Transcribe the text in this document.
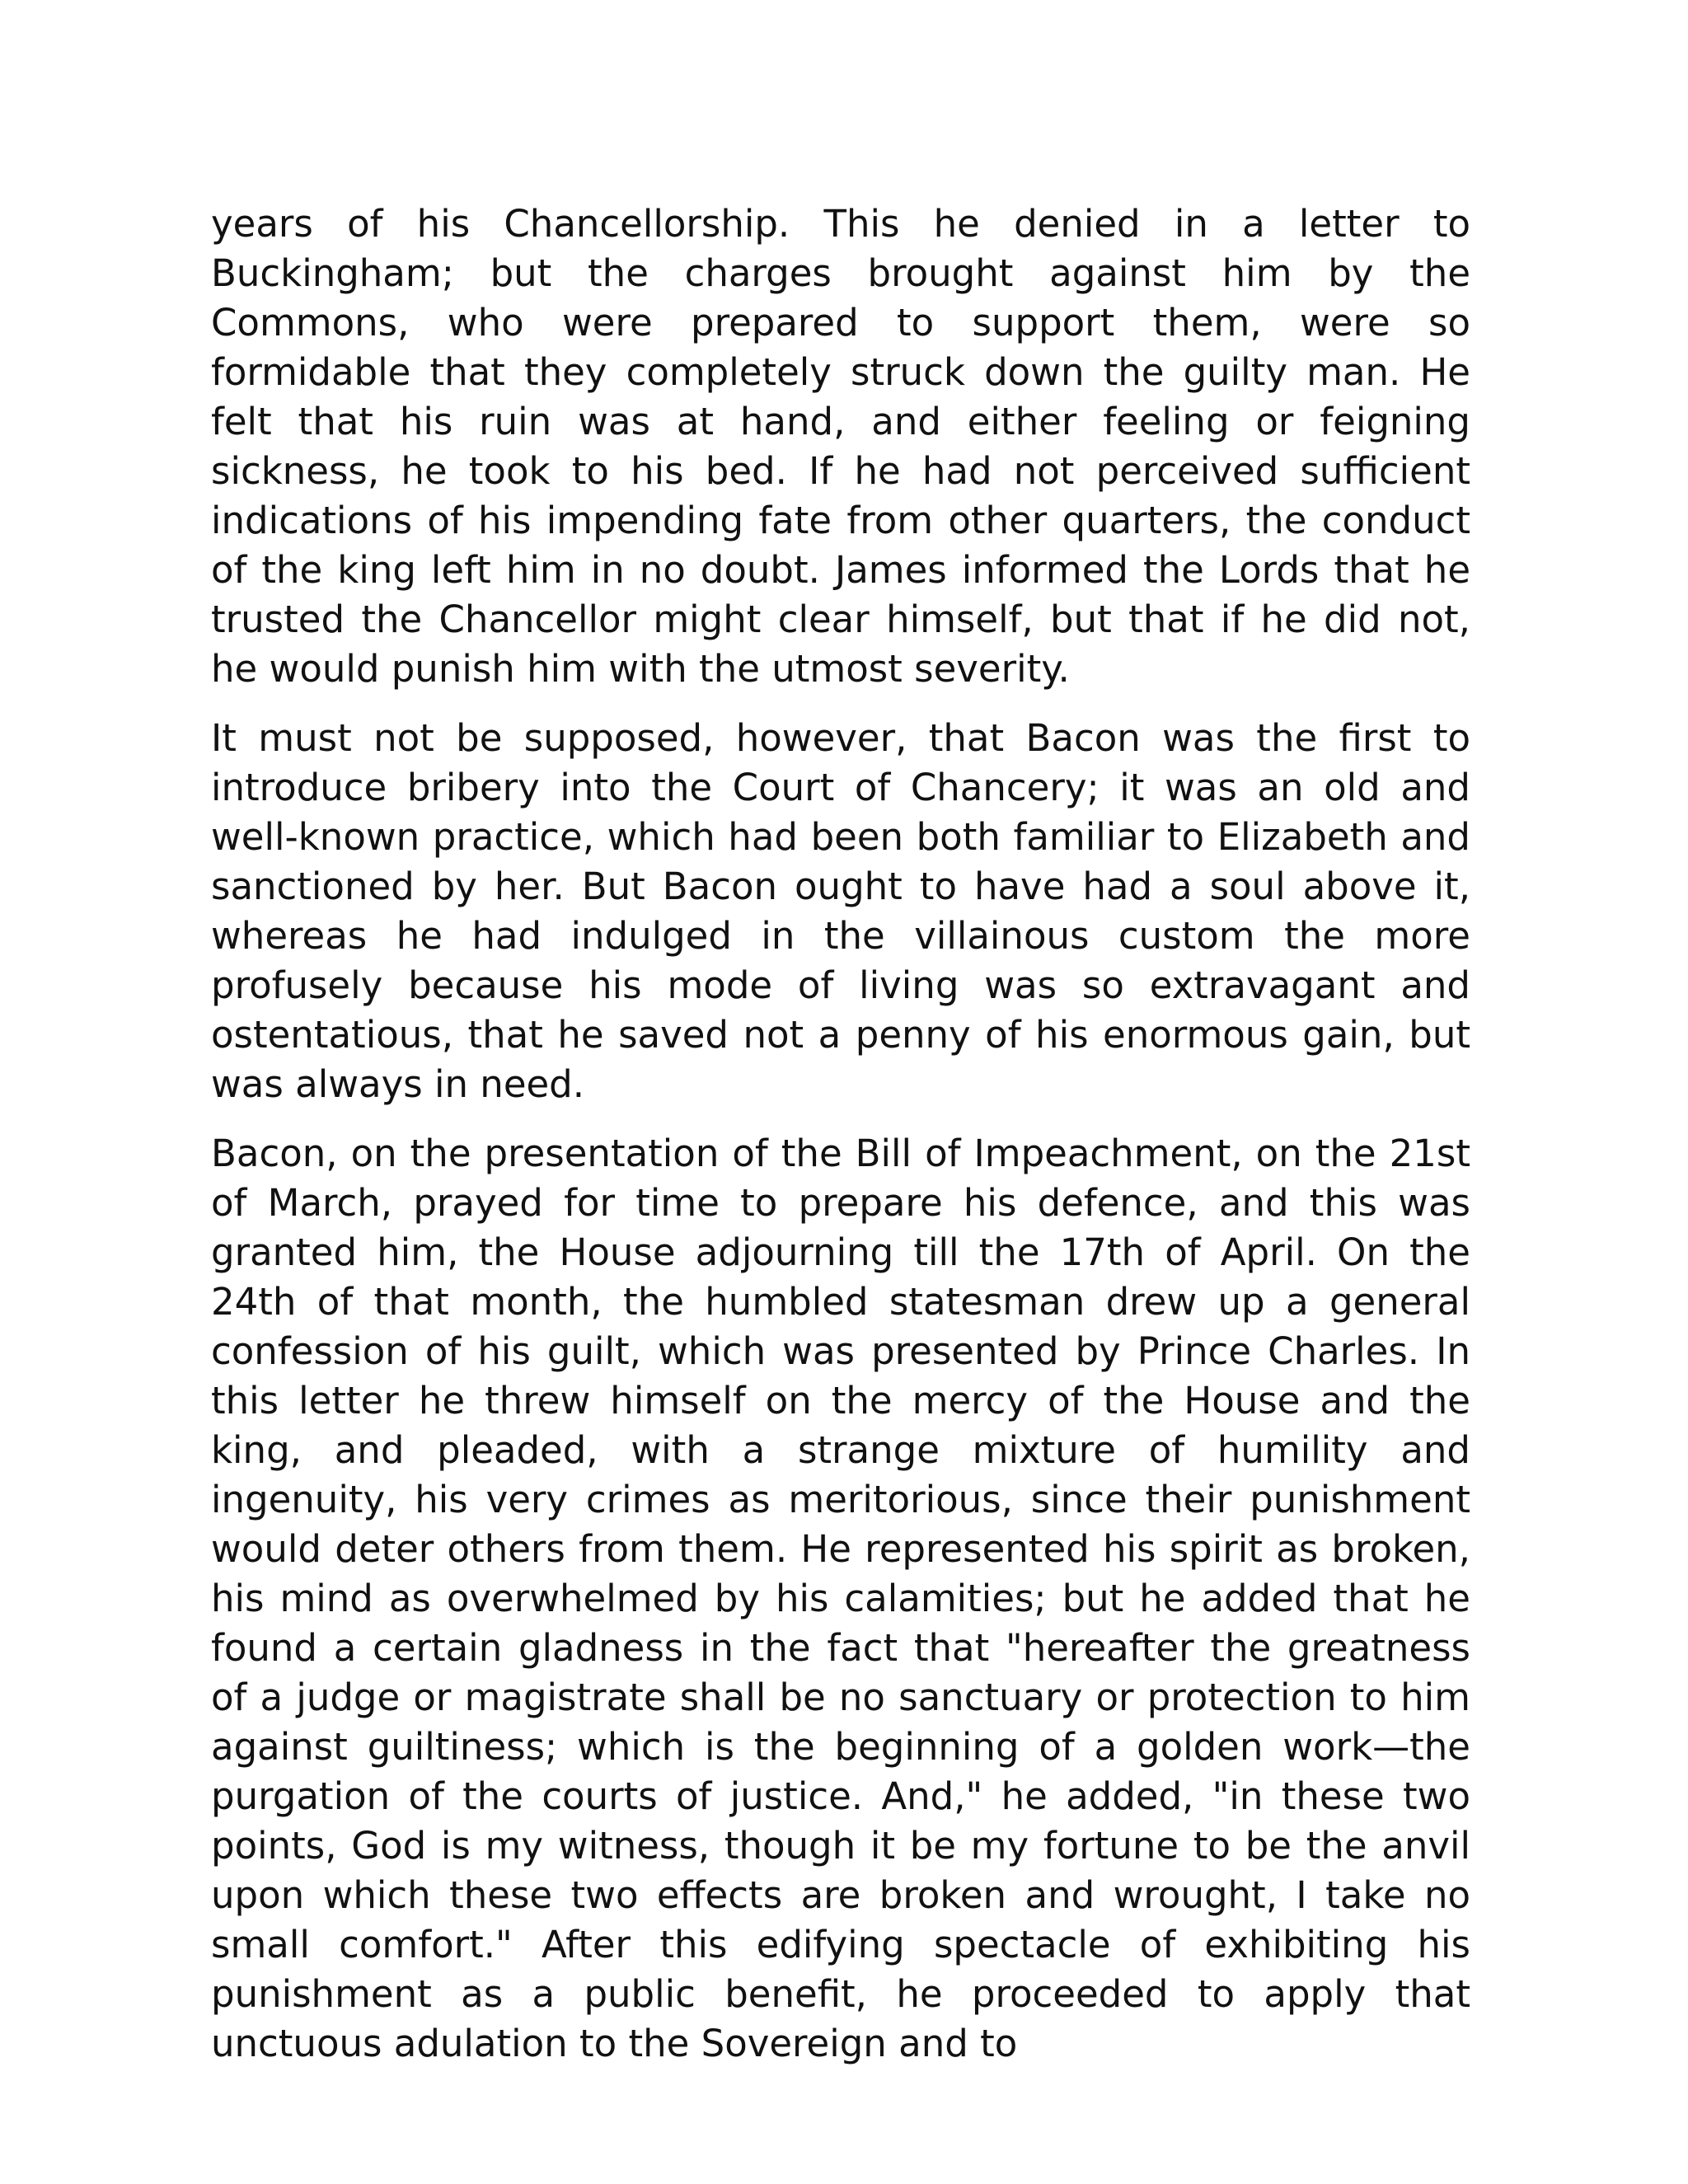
years of his Chancellorship. This he denied in a letter to Buckingham; but the charges brought against him by the Commons, who were prepared to support them, were so formidable that they completely struck down the guilty man. He felt that his ruin was at hand, and either feeling or feigning sickness, he took to his bed. If he had not perceived sufficient indications of his impending fate from other quarters, the conduct of the king left him in no doubt. James informed the Lords that he trusted the Chancellor might clear himself, but that if he did not, he would punish him with the utmost severity.

It must not be supposed, however, that Bacon was the first to introduce bribery into the Court of Chancery; it was an old and well-known practice, which had been both familiar to Elizabeth and sanctioned by her. But Bacon ought to have had a soul above it, whereas he had indulged in the villainous custom the more profusely because his mode of living was so extravagant and ostentatious, that he saved not a penny of his enormous gain, but was always in need.

Bacon, on the presentation of the Bill of Impeachment, on the 21st of March, prayed for time to prepare his defence, and this was granted him, the House adjourning till the 17th of April. On the 24th of that month, the humbled statesman drew up a general confession of his guilt, which was presented by Prince Charles. In this letter he threw himself on the mercy of the House and the king, and pleaded, with a strange mixture of humility and ingenuity, his very crimes as meritorious, since their punishment would deter others from them. He represented his spirit as broken, his mind as overwhelmed by his calamities; but he added that he found a certain gladness in the fact that "hereafter the greatness of a judge or magistrate shall be no sanctuary or protection to him against guiltiness; which is the beginning of a golden work—the purgation of the courts of justice. And," he added, "in these two points, God is my witness, though it be my fortune to be the anvil upon which these two effects are broken and wrought, I take no small comfort." After this edifying spectacle of exhibiting his punishment as a public benefit, he proceeded to apply that unctuous adulation to the Sovereign and to
